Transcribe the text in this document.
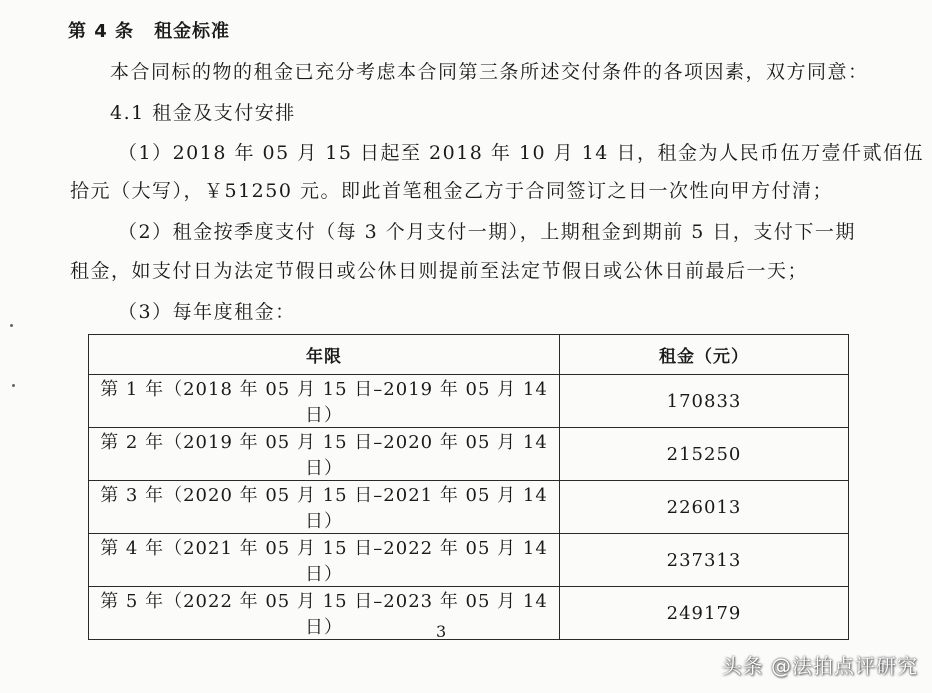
第 4 条 租金标准
本合同标的物的租金已充分考虑本合同第三条所述交付条件的各项因素，双方同意：
4.1 租金及支付安排
（1）2018 年 05 月 15 日起至 2018 年 10 月 14 日，租金为人民币伍万壹仟贰佰伍
拾元（大写），￥51250 元。即此首笔租金乙方于合同签订之日一次性向甲方付清；
（2）租金按季度支付（每 3 个月支付一期），上期租金到期前 5 日，支付下一期
租金，如支付日为法定节假日或公休日则提前至法定节假日或公休日前最后一天；
（3）每年度租金：
年限	租金（元）
第 1 年（2018 年 05 月 15 日–2019 年 05 月 14 日）	170833
第 2 年（2019 年 05 月 15 日–2020 年 05 月 14 日）	215250
第 3 年（2020 年 05 月 15 日–2021 年 05 月 14 日）	226013
第 4 年（2021 年 05 月 15 日–2022 年 05 月 14 日）	237313
第 5 年（2022 年 05 月 15 日–2023 年 05 月 14 日）	249179
3
头条 @法拍点评研究
